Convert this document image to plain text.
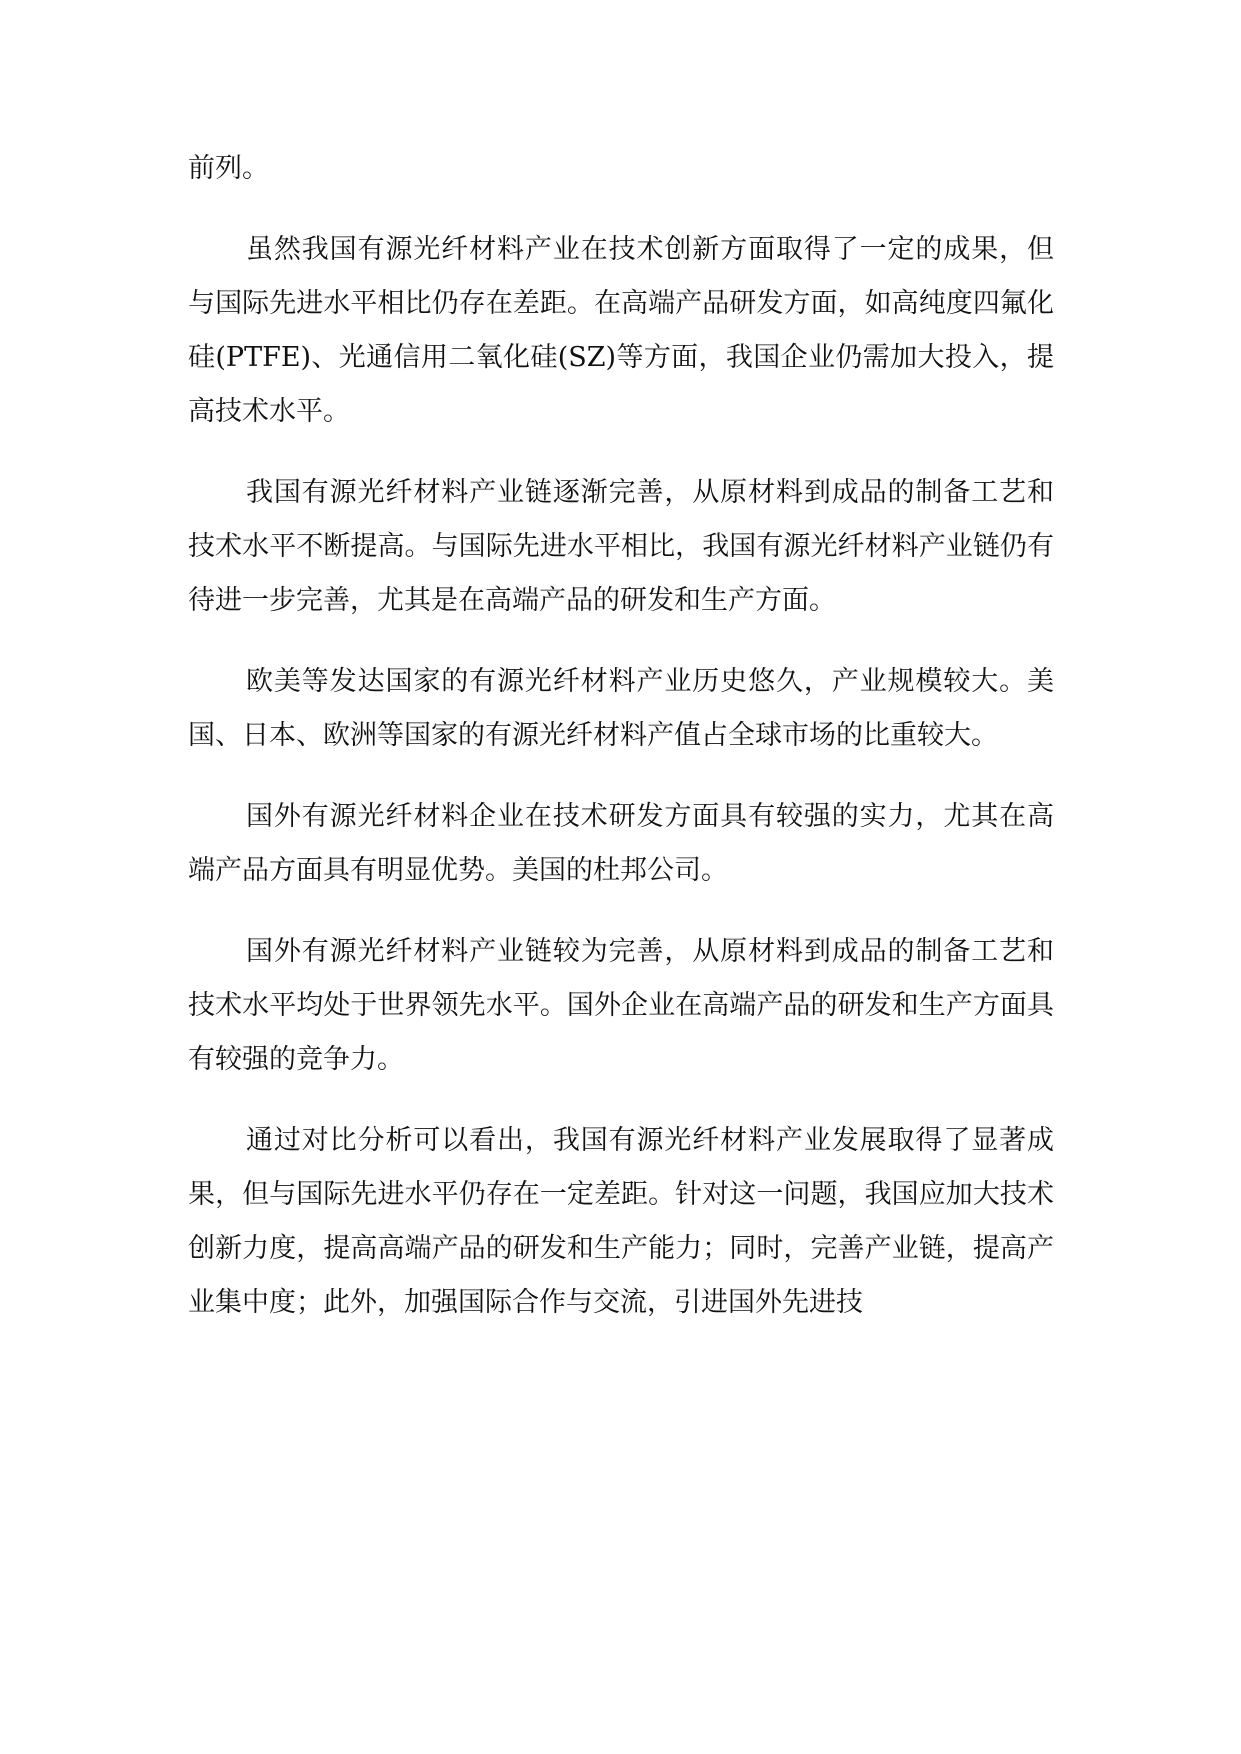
前列。

虽然我国有源光纤材料产业在技术创新方面取得了一定的成果，但与国际先进水平相比仍存在差距。在高端产品研发方面，如高纯度四氟化硅(PTFE)、光通信用二氧化硅(SZ)等方面，我国企业仍需加大投入，提高技术水平。

我国有源光纤材料产业链逐渐完善，从原材料到成品的制备工艺和技术水平不断提高。与国际先进水平相比，我国有源光纤材料产业链仍有待进一步完善，尤其是在高端产品的研发和生产方面。

欧美等发达国家的有源光纤材料产业历史悠久，产业规模较大。美国、日本、欧洲等国家的有源光纤材料产值占全球市场的比重较大。

国外有源光纤材料企业在技术研发方面具有较强的实力，尤其在高端产品方面具有明显优势。美国的杜邦公司。

国外有源光纤材料产业链较为完善，从原材料到成品的制备工艺和技术水平均处于世界领先水平。国外企业在高端产品的研发和生产方面具有较强的竞争力。

通过对比分析可以看出，我国有源光纤材料产业发展取得了显著成果，但与国际先进水平仍存在一定差距。针对这一问题，我国应加大技术创新力度，提高高端产品的研发和生产能力；同时，完善产业链，提高产业集中度；此外，加强国际合作与交流，引进国外先进技
